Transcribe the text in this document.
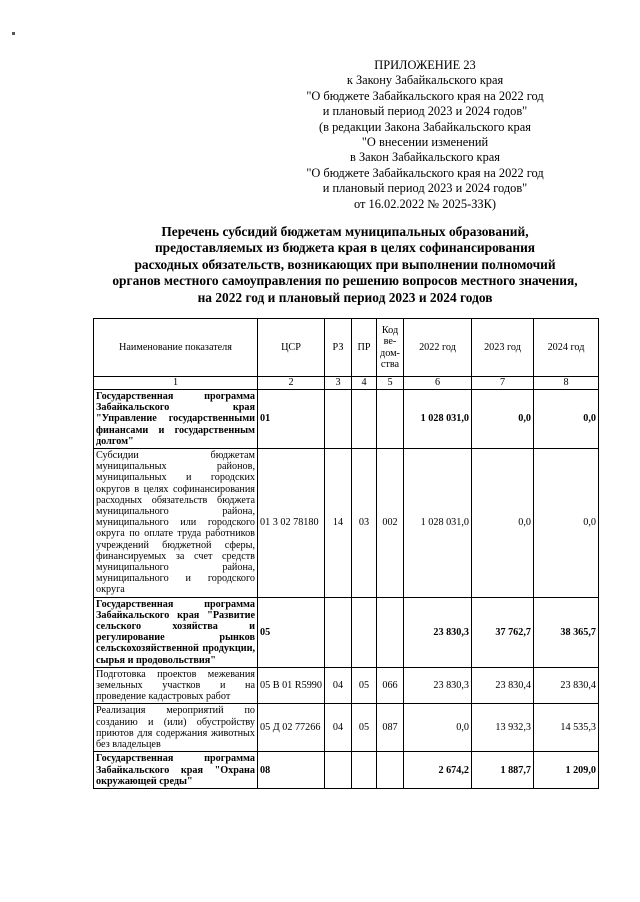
ПРИЛОЖЕНИЕ 23
к Закону Забайкальского края
"О бюджете Забайкальского края на 2022 год
и плановый период 2023 и 2024 годов"
(в редакции Закона Забайкальского края
"О внесении изменений
в Закон Забайкальского края
"О бюджете Забайкальского края на 2022 год
и плановый период 2023 и 2024 годов"
от 16.02.2022 № 2025-ЗЗК)
Перечень субсидий бюджетам муниципальных образований,
предоставляемых из бюджета края в целях софинансирования
расходных обязательств, возникающих при выполнении полномочий
органов местного самоуправления по решению вопросов местного значения,
на 2022 год и плановый период 2023 и 2024 годов
Наименование показателя	ЦСР	РЗ	ПР	Код ве-дом-ства	2022 год	2023 год	2024 год
1	2	3	4	5	6	7	8
Государственная программа Забайкальского края "Управление государственными финансами и государственным долгом"	01				1 028 031,0	0,0	0,0
Субсидии бюджетам муниципальных районов, муниципальных и городских округов в целях софинансирования расходных обязательств бюджета муниципального района, муниципального или городского округа по оплате труда работников учреждений бюджетной сферы, финансируемых за счет средств муниципального района, муниципального и городского округа	01 3 02 78180	14	03	002	1 028 031,0	0,0	0,0
Государственная программа Забайкальского края "Развитие сельского хозяйства и регулирование рынков сельскохозяйственной продукции, сырья и продовольствия"	05				23 830,3	37 762,7	38 365,7
Подготовка проектов межевания земельных участков и на проведение кадастровых работ	05 В 01 R5990	04	05	066	23 830,3	23 830,4	23 830,4
Реализация мероприятий по созданию и (или) обустройству приютов для содержания животных без владельцев	05 Д 02 77266	04	05	087	0,0	13 932,3	14 535,3
Государственная программа Забайкальского края "Охрана окружающей среды"	08				2 674,2	1 887,7	1 209,0
